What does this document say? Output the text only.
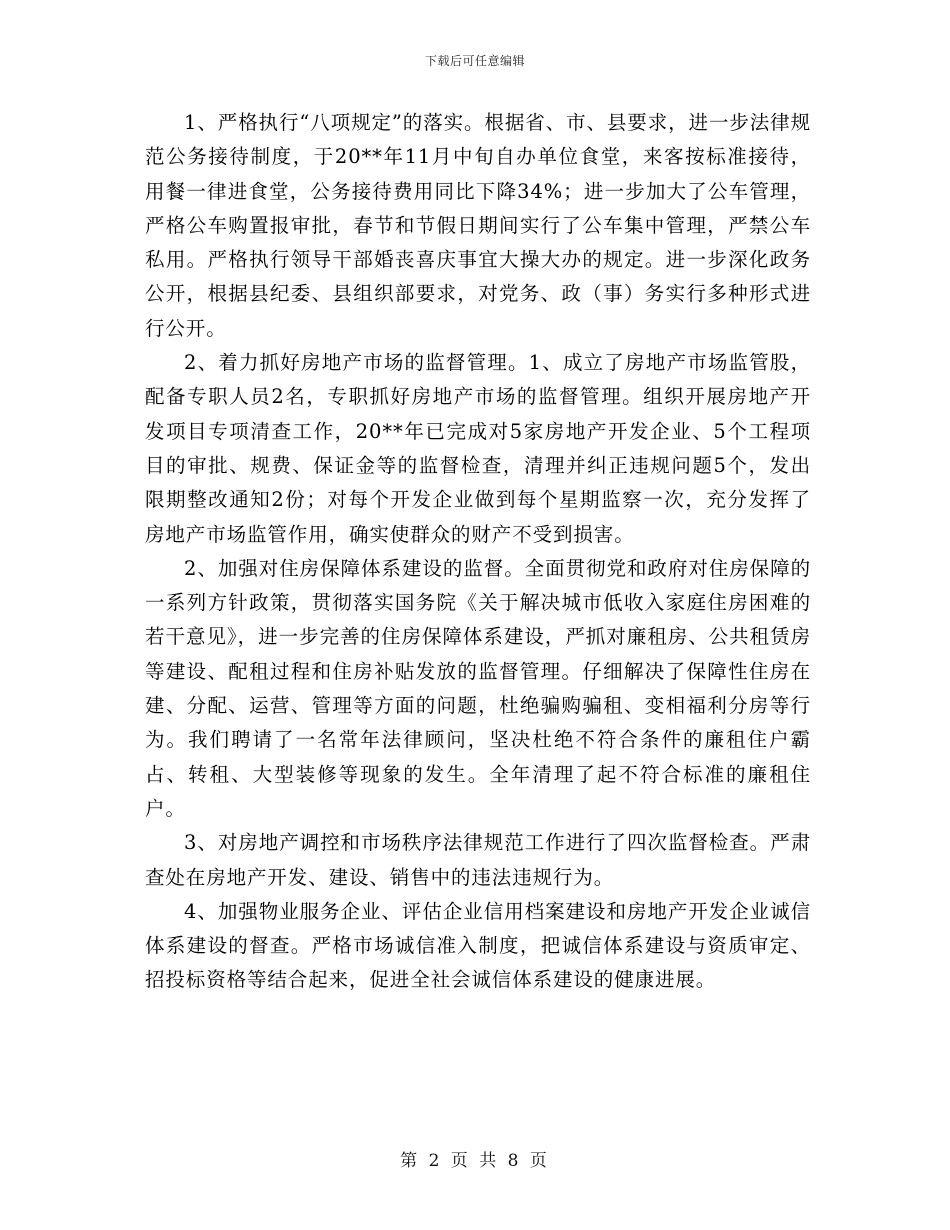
下载后可任意编辑

1、严格执行“八项规定”的落实。根据省、市、县要求，进一步法律规范公务接待制度，于20**年11月中旬自办单位食堂，来客按标准接待，用餐一律进食堂，公务接待费用同比下降34%；进一步加大了公车管理，严格公车购置报审批，春节和节假日期间实行了公车集中管理，严禁公车私用。严格执行领导干部婚丧喜庆事宜大操大办的规定。进一步深化政务公开，根据县纪委、县组织部要求，对党务、政（事）务实行多种形式进行公开。

2、着力抓好房地产市场的监督管理。1、成立了房地产市场监管股，配备专职人员2名，专职抓好房地产市场的监督管理。组织开展房地产开发项目专项清查工作，20**年已完成对5家房地产开发企业、5个工程项目的审批、规费、保证金等的监督检查，清理并纠正违规问题5个，发出限期整改通知2份；对每个开发企业做到每个星期监察一次，充分发挥了房地产市场监管作用，确实使群众的财产不受到损害。

2、加强对住房保障体系建设的监督。全面贯彻党和政府对住房保障的一系列方针政策，贯彻落实国务院《关于解决城市低收入家庭住房困难的若干意见》，进一步完善的住房保障体系建设，严抓对廉租房、公共租赁房等建设、配租过程和住房补贴发放的监督管理。仔细解决了保障性住房在建、分配、运营、管理等方面的问题，杜绝骗购骗租、变相福利分房等行为。我们聘请了一名常年法律顾问，坚决杜绝不符合条件的廉租住户霸占、转租、大型装修等现象的发生。全年清理了起不符合标准的廉租住户。

3、对房地产调控和市场秩序法律规范工作进行了四次监督检查。严肃查处在房地产开发、建设、销售中的违法违规行为。

4、加强物业服务企业、评估企业信用档案建设和房地产开发企业诚信体系建设的督查。严格市场诚信准入制度，把诚信体系建设与资质审定、招投标资格等结合起来，促进全社会诚信体系建设的健康进展。

第 2 页 共 8 页
